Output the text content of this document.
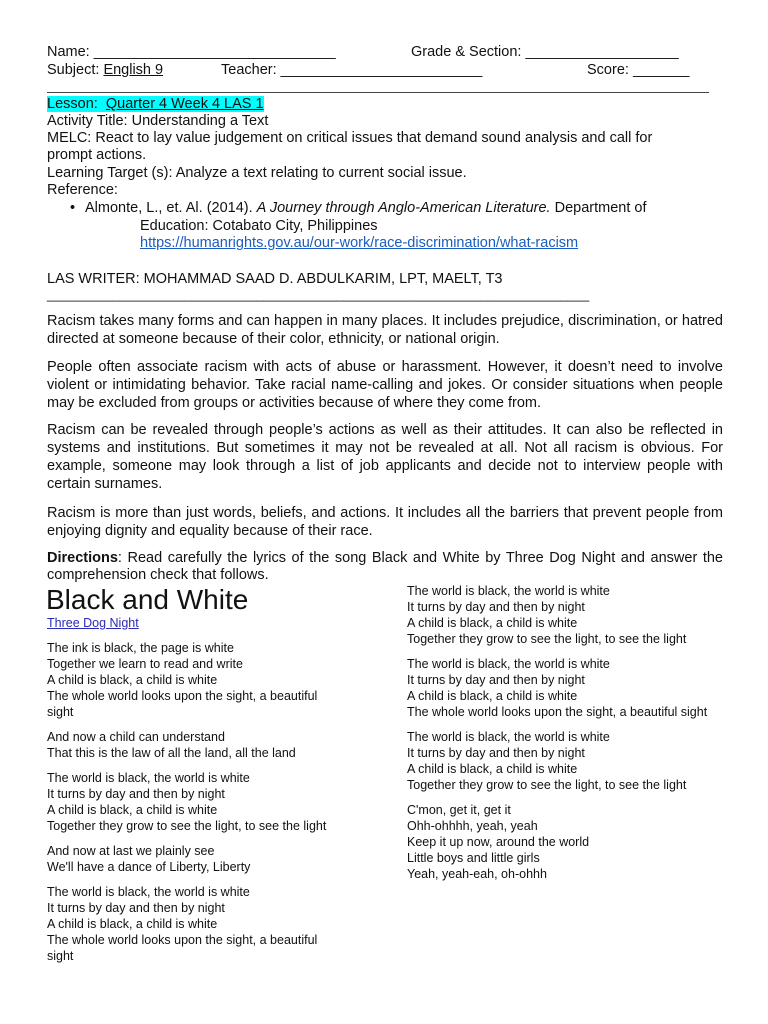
Name: ______________________________	Grade & Section: ___________________
Subject: English 9	Teacher: _________________________	Score: _______
Lesson: Quarter 4 Week 4 LAS 1
Activity Title: Understanding a Text
MELC: React to lay value judgement on critical issues that demand sound analysis and call for
prompt actions.
Learning Target (s): Analyze a text relating to current social issue.
Reference:
• Almonte, L., et. Al. (2014). A Journey through Anglo-American Literature. Department of
Education: Cotabato City, Philippines
https://humanrights.gov.au/our-work/race-discrimination/what-racism
LAS WRITER: MOHAMMAD SAAD D. ABDULKARIM, LPT, MAELT, T3
___________________________________________________________________________
Racism takes many forms and can happen in many places. It includes prejudice, discrimination, or hatred directed at someone because of their color, ethnicity, or national origin.
People often associate racism with acts of abuse or harassment. However, it doesn’t need to involve violent or intimidating behavior. Take racial name-calling and jokes. Or consider situations when people may be excluded from groups or activities because of where they come from.
Racism can be revealed through people’s actions as well as their attitudes. It can also be reflected in systems and institutions. But sometimes it may not be revealed at all. Not all racism is obvious. For example, someone may look through a list of job applicants and decide not to interview people with certain surnames.
Racism is more than just words, beliefs, and actions. It includes all the barriers that prevent people from enjoying dignity and equality because of their race.
Directions: Read carefully the lyrics of the song Black and White by Three Dog Night and answer the comprehension check that follows.
Black and White
Three Dog Night
The ink is black, the page is white
Together we learn to read and write
A child is black, a child is white
The whole world looks upon the sight, a beautiful sight
And now a child can understand
That this is the law of all the land, all the land
The world is black, the world is white
It turns by day and then by night
A child is black, a child is white
Together they grow to see the light, to see the light
And now at last we plainly see
We'll have a dance of Liberty, Liberty
The world is black, the world is white
It turns by day and then by night
A child is black, a child is white
The whole world looks upon the sight, a beautiful sight
The world is black, the world is white
It turns by day and then by night
A child is black, a child is white
Together they grow to see the light, to see the light
The world is black, the world is white
It turns by day and then by night
A child is black, a child is white
The whole world looks upon the sight, a beautiful sight
The world is black, the world is white
It turns by day and then by night
A child is black, a child is white
Together they grow to see the light, to see the light
C'mon, get it, get it
Ohh-ohhhh, yeah, yeah
Keep it up now, around the world
Little boys and little girls
Yeah, yeah-eah, oh-ohhh
